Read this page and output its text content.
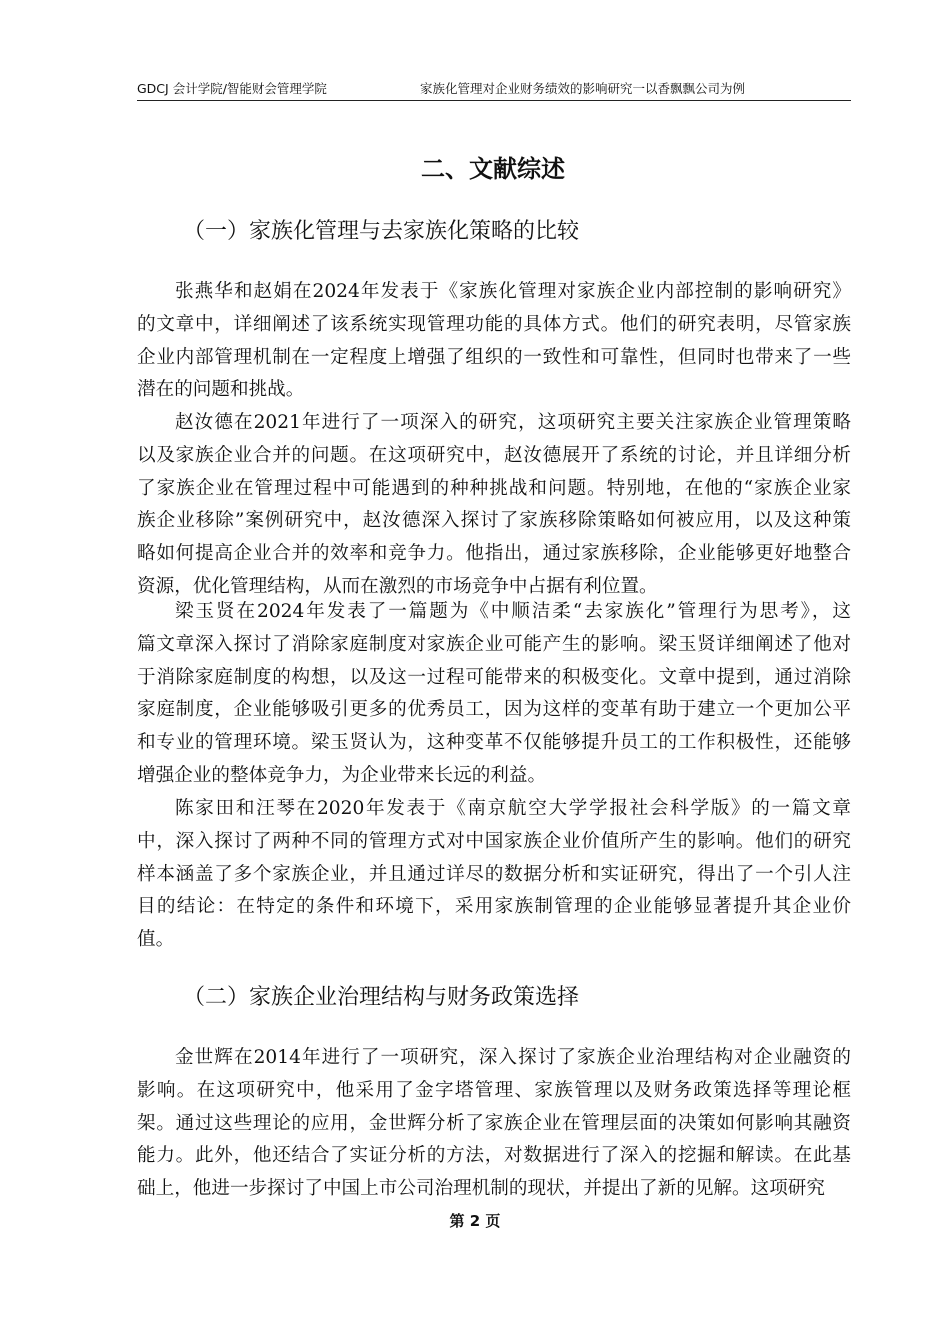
GDCJ 会计学院/智能财会管理学院	家族化管理对企业财务绩效的影响研究一以香飘飘公司为例
二、文献综述
（一）家族化管理与去家族化策略的比较
张燕华和赵娟在2024年发表于《家族化管理对家族企业内部控制的影响研究》
的文章中，详细阐述了该系统实现管理功能的具体方式。他们的研究表明，尽管家族
企业内部管理机制在一定程度上增强了组织的一致性和可靠性，但同时也带来了一些
潜在的问题和挑战。
赵汝德在2021年进行了一项深入的研究，这项研究主要关注家族企业管理策略
以及家族企业合并的问题。在这项研究中，赵汝德展开了系统的讨论，并且详细分析
了家族企业在管理过程中可能遇到的种种挑战和问题。特别地，在他的“家族企业家
族企业移除”案例研究中，赵汝德深入探讨了家族移除策略如何被应用，以及这种策
略如何提高企业合并的效率和竞争力。他指出，通过家族移除，企业能够更好地整合
资源，优化管理结构，从而在激烈的市场竞争中占据有利位置。
梁玉贤在2024年发表了一篇题为《中顺洁柔“去家族化”管理行为思考》，这
篇文章深入探讨了消除家庭制度对家族企业可能产生的影响。梁玉贤详细阐述了他对
于消除家庭制度的构想，以及这一过程可能带来的积极变化。文章中提到，通过消除
家庭制度，企业能够吸引更多的优秀员工，因为这样的变革有助于建立一个更加公平
和专业的管理环境。梁玉贤认为，这种变革不仅能够提升员工的工作积极性，还能够
增强企业的整体竞争力，为企业带来长远的利益。
陈家田和汪琴在2020年发表于《南京航空大学学报社会科学版》的一篇文章
中，深入探讨了两种不同的管理方式对中国家族企业价值所产生的影响。他们的研究
样本涵盖了多个家族企业，并且通过详尽的数据分析和实证研究，得出了一个引人注
目的结论：在特定的条件和环境下，采用家族制管理的企业能够显著提升其企业价
值。
（二）家族企业治理结构与财务政策选择
金世辉在2014年进行了一项研究，深入探讨了家族企业治理结构对企业融资的
影响。在这项研究中，他采用了金字塔管理、家族管理以及财务政策选择等理论框
架。通过这些理论的应用，金世辉分析了家族企业在管理层面的决策如何影响其融资
能力。此外，他还结合了实证分析的方法，对数据进行了深入的挖掘和解读。在此基
础上，他进一步探讨了中国上市公司治理机制的现状，并提出了新的见解。这项研究
第 2 页
